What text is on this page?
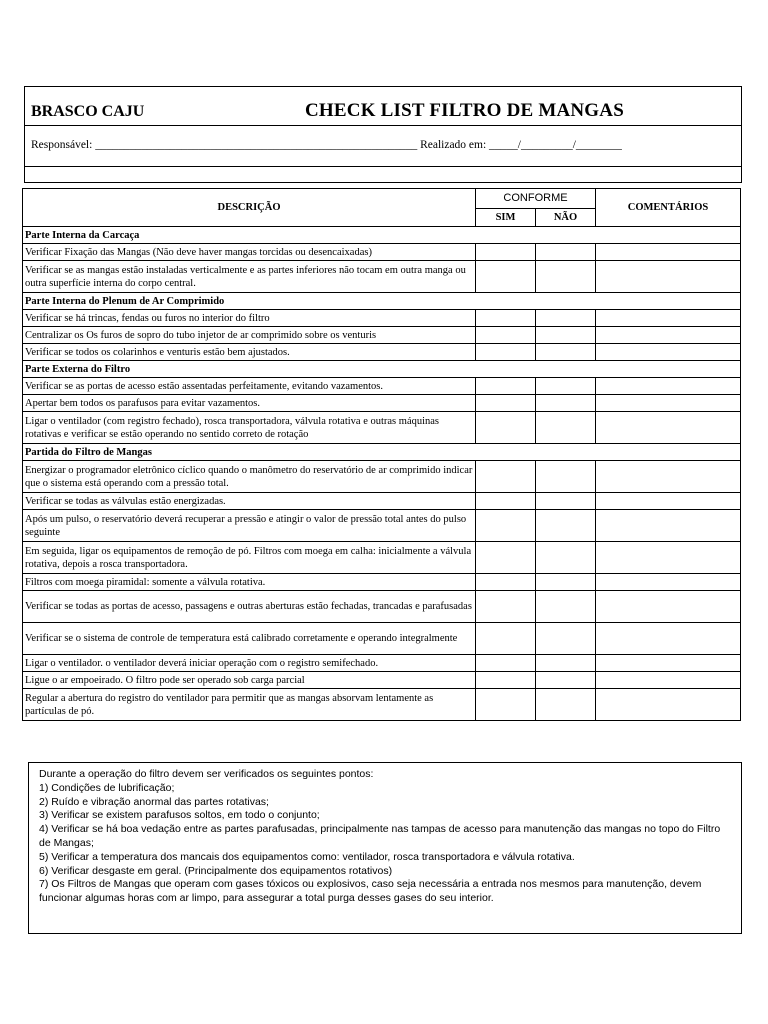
BRASCO CAJU	CHECK LIST FILTRO DE MANGAS
Responsável: ________________________________________________________ Realizado em: _____/_________/________
DESCRIÇÃO	CONFORME		COMENTÁRIOS
	SIM	NÃO	
Parte Interna da Carcaça			
Verificar Fixação das Mangas (Não deve haver mangas torcidas ou desencaixadas)			
Verificar se as mangas estão instaladas verticalmente e as partes inferiores não tocam em outra manga ou outra superfície interna do corpo central.			
Parte Interna do Plenum de Ar Comprimido			
Verificar se há trincas, fendas ou furos no interior do filtro			
Centralizar os Os furos de sopro do tubo injetor de ar comprimido sobre os venturis			
Verificar se todos os colarinhos e venturis estão bem ajustados.			
Parte Externa do Filtro			
Verificar se as portas de acesso estão assentadas perfeitamente, evitando vazamentos.			
Apertar bem todos os parafusos para evitar vazamentos.			
Ligar o ventilador (com registro fechado), rosca transportadora, válvula rotativa e outras máquinas rotativas e verificar se estão operando no sentido correto de rotação			
Partida do Filtro de Mangas			
Energizar o programador eletrônico cíclico quando o manômetro do reservatório de ar comprimido indicar que o sistema está operando com a pressão total.			
Verificar se todas as válvulas estão energizadas.			
Após um pulso, o reservatório deverá recuperar a pressão e atingir o valor de pressão total antes do pulso seguinte			
Em seguida, ligar os equipamentos de remoção de pó. Filtros com moega em calha: inicialmente a válvula rotativa, depois a rosca transportadora.			
Filtros com moega piramidal: somente a válvula rotativa.			
Verificar se todas as portas de acesso, passagens e outras aberturas estão fechadas, trancadas e parafusadas			
Verificar se o sistema de controle de temperatura está calibrado corretamente e operando integralmente			
Ligar o ventilador. o ventilador deverá iniciar operação com o registro semifechado.			
Ligue o ar empoeirado. O filtro pode ser operado sob carga parcial			
Regular a abertura do registro do ventilador para permitir que as mangas absorvam lentamente as partículas de pó.			

Durante a operação do filtro devem ser verificados os seguintes pontos:

1) Condições de lubrificação;

2) Ruído e vibração anormal das partes rotativas;

3) Verificar se existem parafusos soltos, em todo o conjunto;

4) Verificar se há boa vedação entre as partes parafusadas, principalmente nas tampas de acesso para manutenção das mangas no topo do Filtro de Mangas;

5) Verificar a temperatura dos mancais dos equipamentos como: ventilador, rosca transportadora e válvula rotativa.

6) Verificar desgaste em geral. (Principalmente dos equipamentos rotativos)

7) Os Filtros de Mangas que operam com gases tóxicos ou explosivos, caso seja necessária a entrada nos mesmos para manutenção, devem funcionar algumas horas com ar limpo, para assegurar a total purga desses gases do seu interior.
